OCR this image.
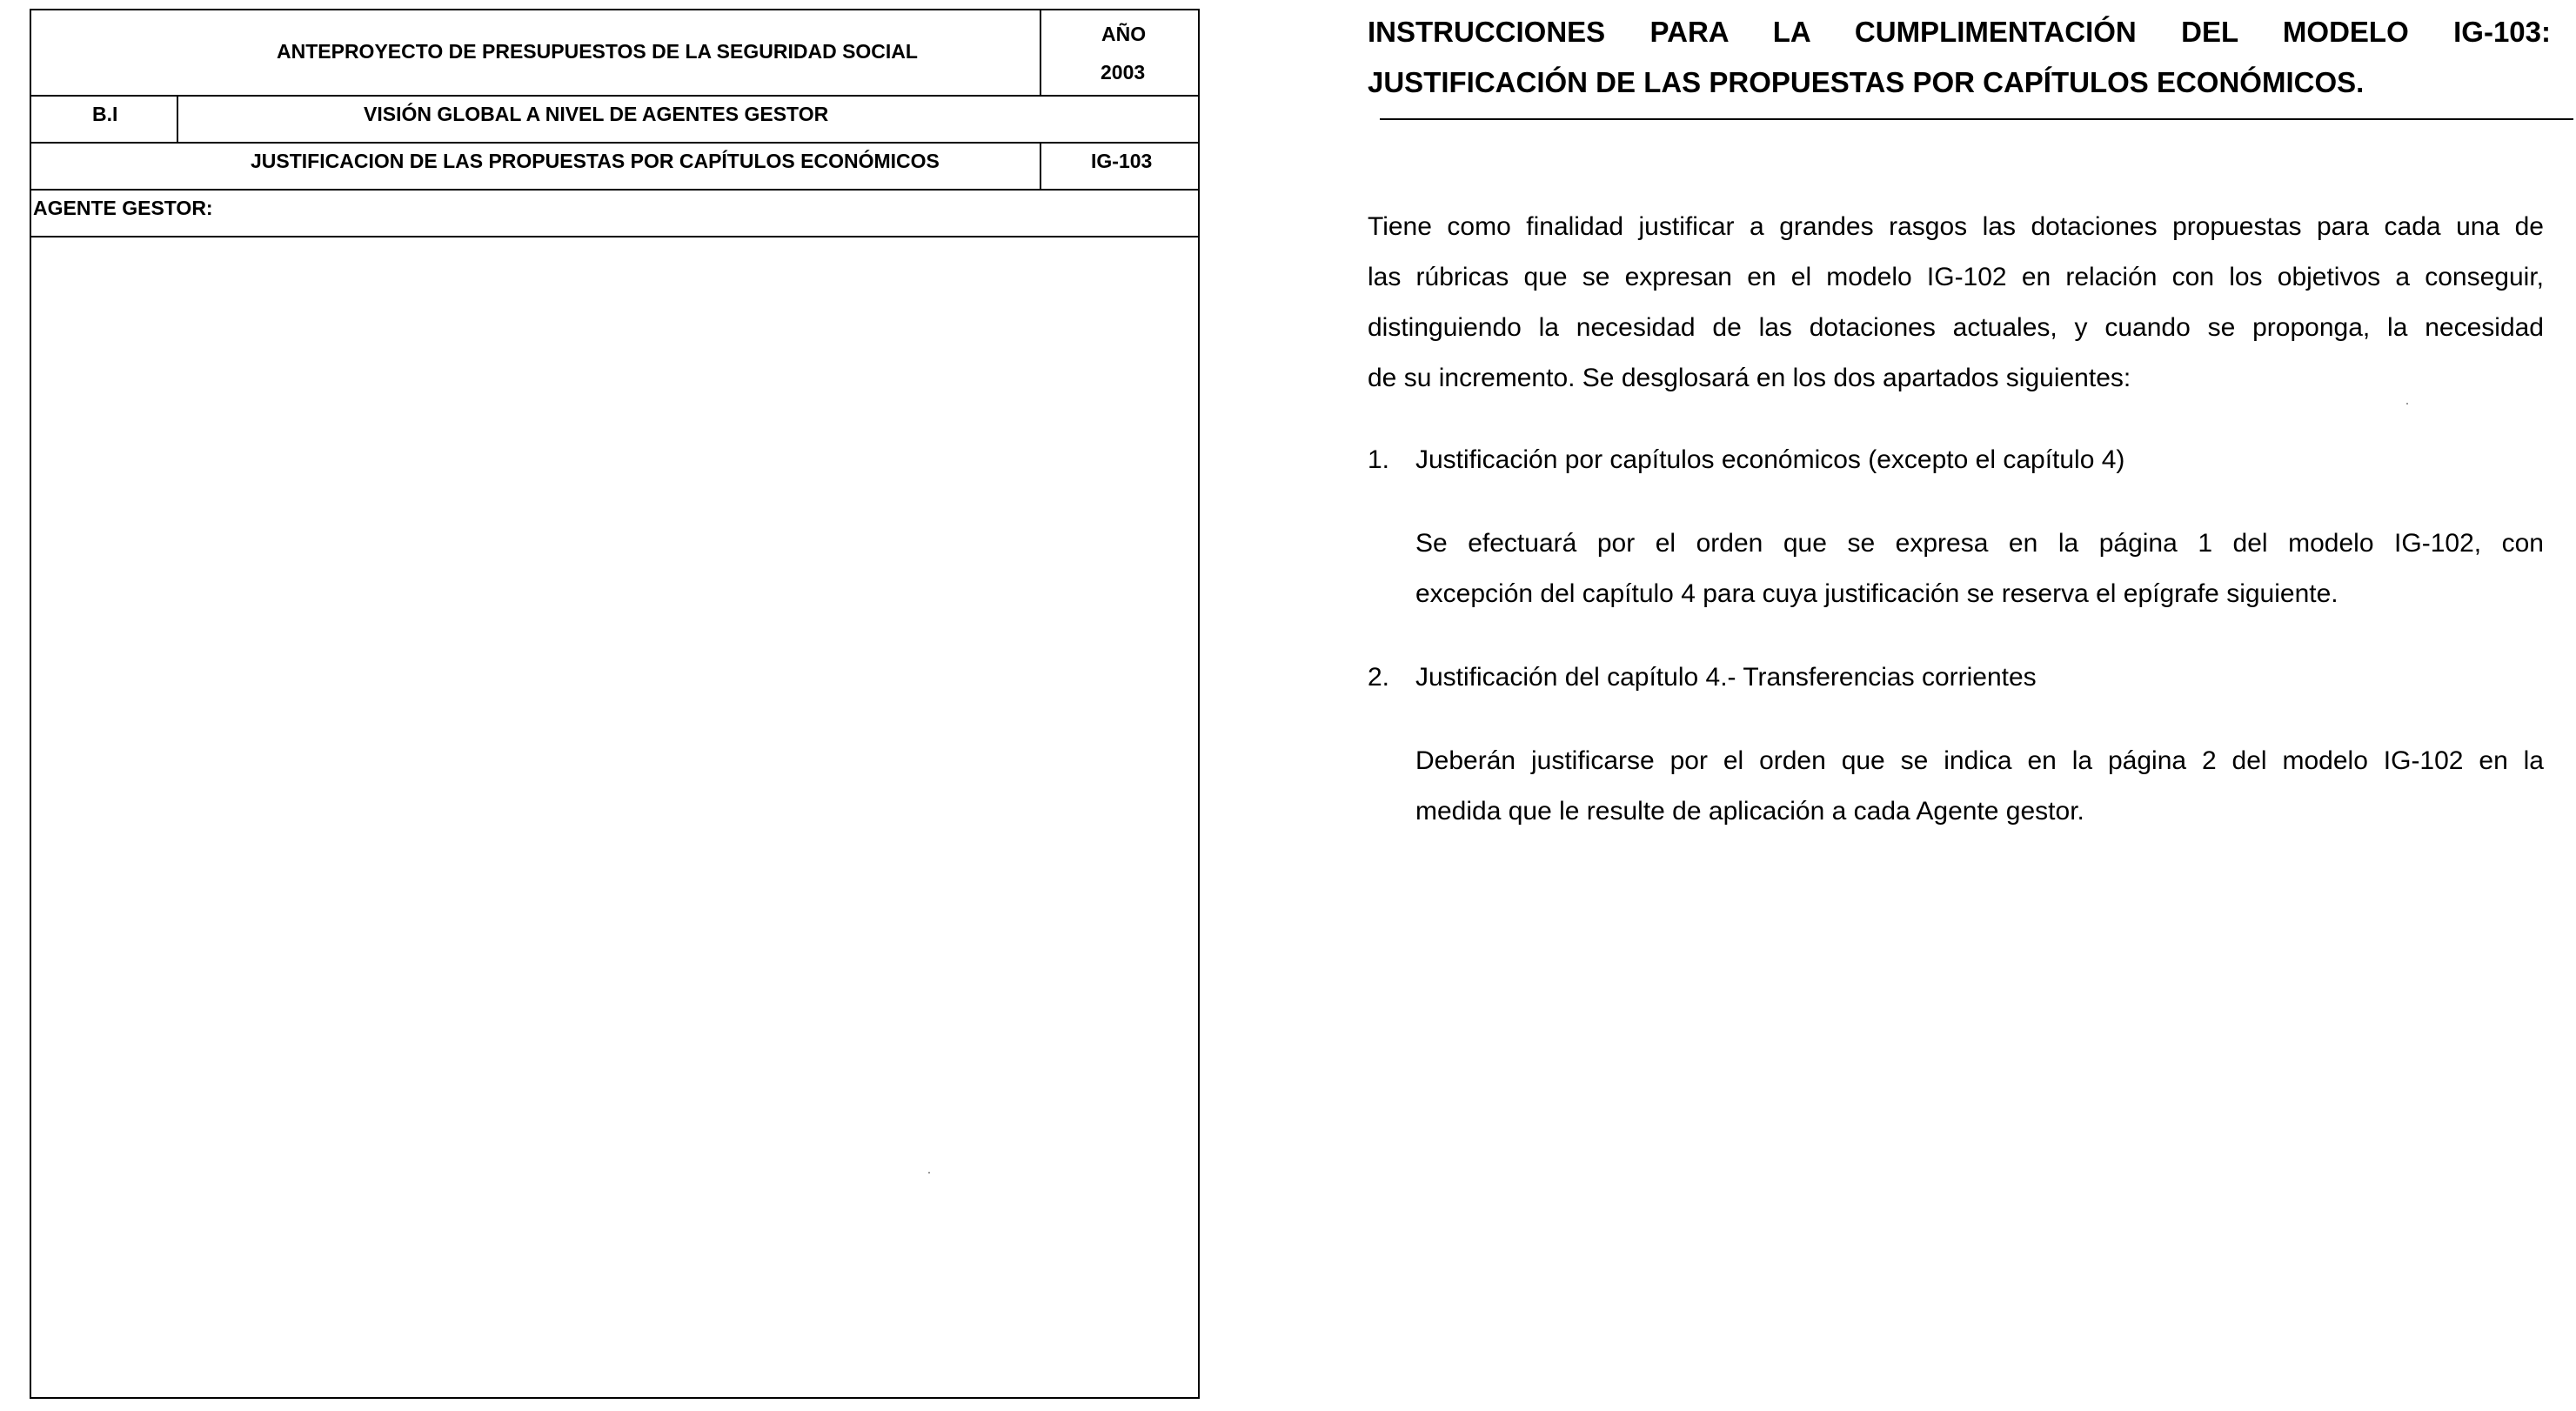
ANTEPROYECTO DE PRESUPUESTOS DE LA SEGURIDAD SOCIAL
AÑO
2003
B.I	VISIÓN GLOBAL A NIVEL DE AGENTES GESTOR
JUSTIFICACION DE LAS PROPUESTAS POR CAPÍTULOS ECONÓMICOS	IG-103
AGENTE GESTOR:

INSTRUCCIONES PARA LA CUMPLIMENTACIÓN DEL MODELO IG-103:

JUSTIFICACIÓN DE LAS PROPUESTAS POR CAPÍTULOS ECONÓMICOS.

Tiene como finalidad justificar a grandes rasgos las dotaciones propuestas para cada una de
las rúbricas que se expresan en el modelo IG-102 en relación con los objetivos a conseguir,
distinguiendo la necesidad de las dotaciones actuales, y cuando se proponga, la necesidad
de su incremento. Se desglosará en los dos apartados siguientes:
1. Justificación por capítulos económicos (excepto el capítulo 4)
Se efectuará por el orden que se expresa en la página 1 del modelo IG-102, con
excepción del capítulo 4 para cuya justificación se reserva el epígrafe siguiente.
2. Justificación del capítulo 4.- Transferencias corrientes
Deberán justificarse por el orden que se indica en la página 2 del modelo IG-102 en la
medida que le resulte de aplicación a cada Agente gestor.
